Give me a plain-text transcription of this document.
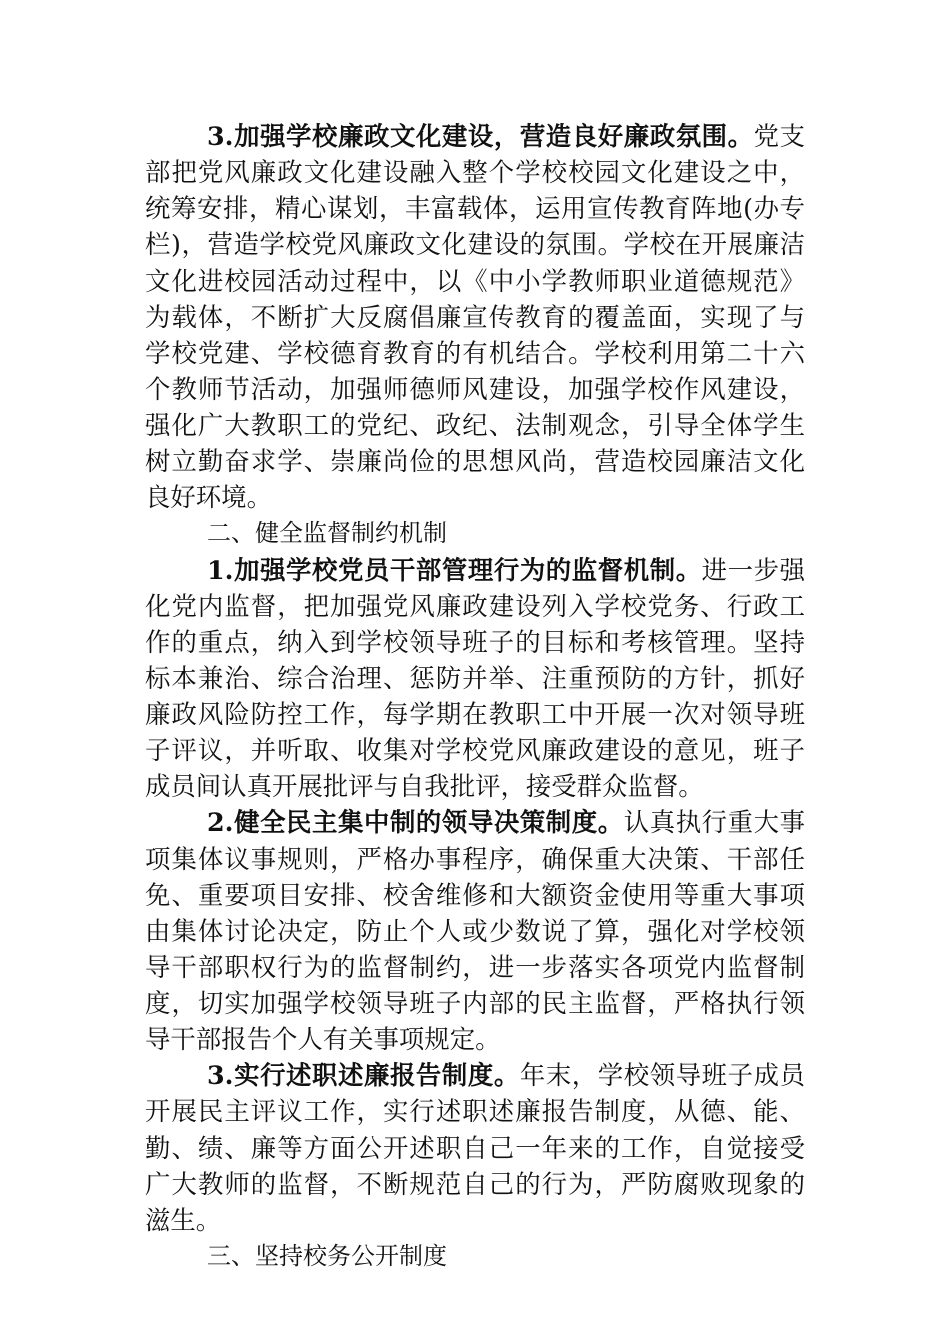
3.加强学校廉政文化建设，营造良好廉政氛围。党支
部把党风廉政文化建设融入整个学校校园文化建设之中，
统筹安排，精心谋划，丰富载体，运用宣传教育阵地(办专
栏)，营造学校党风廉政文化建设的氛围。学校在开展廉洁
文化进校园活动过程中，以《中小学教师职业道德规范》
为载体，不断扩大反腐倡廉宣传教育的覆盖面，实现了与
学校党建、学校德育教育的有机结合。学校利用第二十六
个教师节活动，加强师德师风建设，加强学校作风建设，
强化广大教职工的党纪、政纪、法制观念，引导全体学生
树立勤奋求学、崇廉尚俭的思想风尚，营造校园廉洁文化
良好环境。
二、健全监督制约机制
1.加强学校党员干部管理行为的监督机制。进一步强
化党内监督，把加强党风廉政建设列入学校党务、行政工
作的重点，纳入到学校领导班子的目标和考核管理。坚持
标本兼治、综合治理、惩防并举、注重预防的方针，抓好
廉政风险防控工作，每学期在教职工中开展一次对领导班
子评议，并听取、收集对学校党风廉政建设的意见，班子
成员间认真开展批评与自我批评，接受群众监督。
2.健全民主集中制的领导决策制度。认真执行重大事
项集体议事规则，严格办事程序，确保重大决策、干部任
免、重要项目安排、校舍维修和大额资金使用等重大事项
由集体讨论决定，防止个人或少数说了算，强化对学校领
导干部职权行为的监督制约，进一步落实各项党内监督制
度，切实加强学校领导班子内部的民主监督，严格执行领
导干部报告个人有关事项规定。
3.实行述职述廉报告制度。年末，学校领导班子成员
开展民主评议工作，实行述职述廉报告制度，从德、能、
勤、绩、廉等方面公开述职自己一年来的工作，自觉接受
广大教师的监督，不断规范自己的行为，严防腐败现象的
滋生。
三、坚持校务公开制度
